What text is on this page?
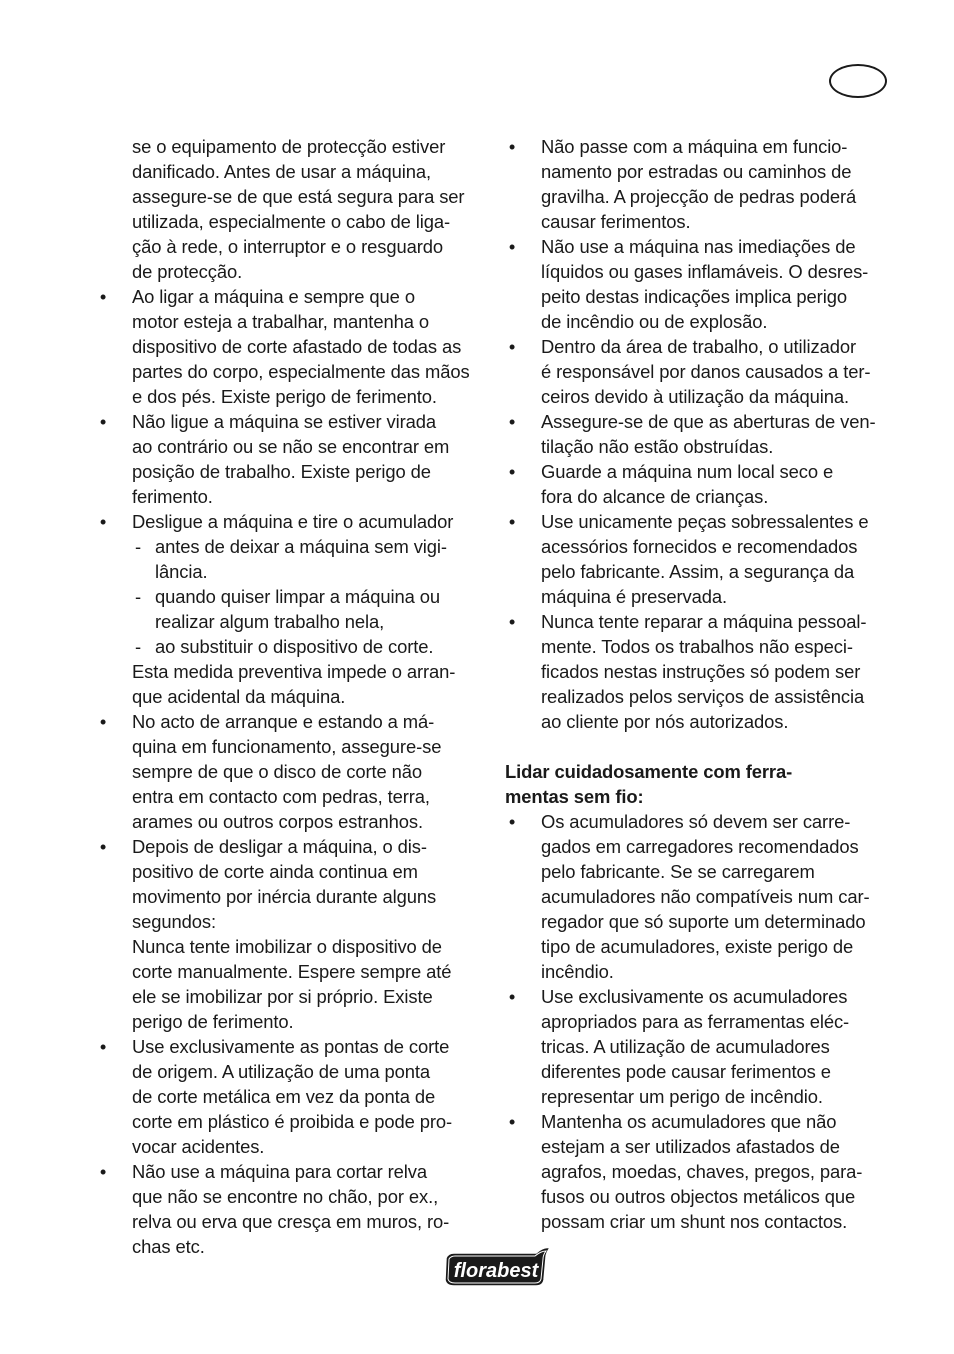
se o equipamento de protecção estiver
danificado. Antes de usar a máquina,
assegure-se de que está segura para ser
utilizada, especialmente o cabo de liga-
ção à rede, o interruptor e o resguardo
de protecção.
• Ao ligar a máquina e sempre que o
motor esteja a trabalhar, mantenha o
dispositivo de corte afastado de todas as
partes do corpo, especialmente das mãos
e dos pés. Existe perigo de ferimento.
• Não ligue a máquina se estiver virada
ao contrário ou se não se encontrar em
posição de trabalho. Existe perigo de
ferimento.
• Desligue a máquina e tire o acumulador
- antes de deixar a máquina sem vigi-
lância.
- quando quiser limpar a máquina ou
realizar algum trabalho nela,
- ao substituir o dispositivo de corte.
Esta medida preventiva impede o arran-
que acidental da máquina.
• No acto de arranque e estando a má-
quina em funcionamento, assegure-se
sempre de que o disco de corte não
entra em contacto com pedras, terra,
arames ou outros corpos estranhos.
• Depois de desligar a máquina, o dis-
positivo de corte ainda continua em
movimento por inércia durante alguns
segundos:
Nunca tente imobilizar o dispositivo de
corte manualmente. Espere sempre até
ele se imobilizar por si próprio. Existe
perigo de ferimento.
• Use exclusivamente as pontas de corte
de origem. A utilização de uma ponta
de corte metálica em vez da ponta de
corte em plástico é proibida e pode pro-
vocar acidentes.
• Não use a máquina para cortar relva
que não se encontre no chão, por ex.,
relva ou erva que cresça em muros, ro-
chas etc.
• Não passe com a máquina em funcio-
namento por estradas ou caminhos de
gravilha. A projecção de pedras poderá
causar ferimentos.
• Não use a máquina nas imediações de
líquidos ou gases inflamáveis. O desres-
peito destas indicações implica perigo
de incêndio ou de explosão.
• Dentro da área de trabalho, o utilizador
é responsável por danos causados a ter-
ceiros devido à utilização da máquina.
• Assegure-se de que as aberturas de ven-
tilação não estão obstruídas.
• Guarde a máquina num local seco e
fora do alcance de crianças.
• Use unicamente peças sobressalentes e
acessórios fornecidos e recomendados
pelo fabricante. Assim, a segurança da
máquina é preservada.
• Nunca tente reparar a máquina pessoal-
mente. Todos os trabalhos não especi-
ficados nestas instruções só podem ser
realizados pelos serviços de assistência
ao cliente por nós autorizados.
Lidar cuidadosamente com ferra-
mentas sem fio:
• Os acumuladores só devem ser carre-
gados em carregadores recomendados
pelo fabricante. Se se carregarem
acumuladores não compatíveis num car-
regador que só suporte um determinado
tipo de acumuladores, existe perigo de
incêndio.
• Use exclusivamente os acumuladores
apropriados para as ferramentas eléc-
tricas. A utilização de acumuladores
diferentes pode causar ferimentos e
representar um perigo de incêndio.
• Mantenha os acumuladores que não
estejam a ser utilizados afastados de
agrafos, moedas, chaves, pregos, para-
fusos ou outros objectos metálicos que
possam criar um shunt nos contactos.
florabest
